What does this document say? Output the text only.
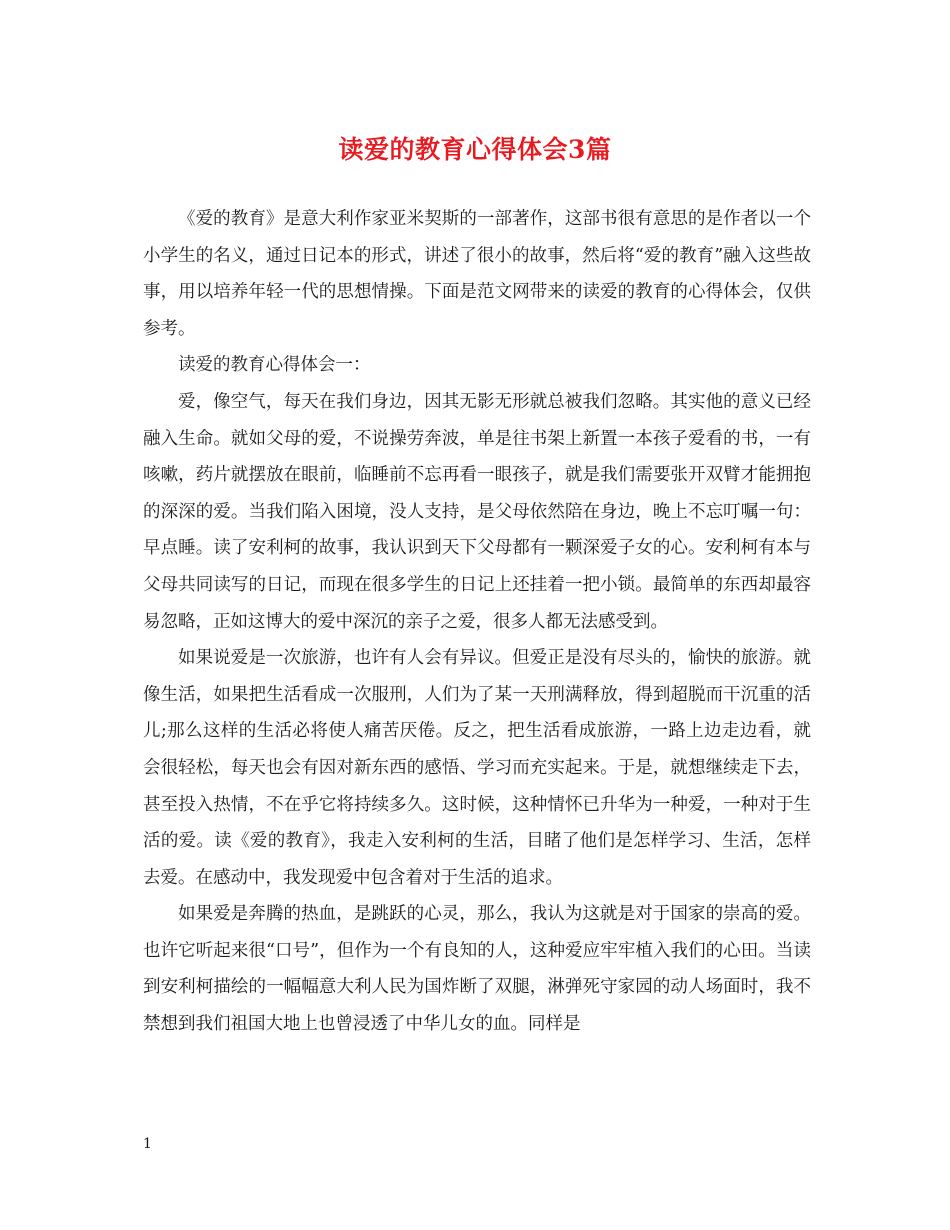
读爱的教育心得体会3篇

《爱的教育》是意大利作家亚米契斯的一部著作，这部书很有意思的是作者以一个小学生的名义，通过日记本的形式，讲述了很小的故事，然后将“爱的教育”融入这些故事，用以培养年轻一代的思想情操。下面是范文网带来的读爱的教育的心得体会，仅供参考。

读爱的教育心得体会一：

爱，像空气，每天在我们身边，因其无影无形就总被我们忽略。其实他的意义已经融入生命。就如父母的爱，不说操劳奔波，单是往书架上新置一本孩子爱看的书，一有咳嗽，药片就摆放在眼前，临睡前不忘再看一眼孩子，就是我们需要张开双臂才能拥抱的深深的爱。当我们陷入困境，没人支持，是父母依然陪在身边，晚上不忘叮嘱一句：早点睡。读了安利柯的故事，我认识到天下父母都有一颗深爱子女的心。安利柯有本与父母共同读写的日记，而现在很多学生的日记上还挂着一把小锁。最简单的东西却最容易忽略，正如这博大的爱中深沉的亲子之爱，很多人都无法感受到。

如果说爱是一次旅游，也许有人会有异议。但爱正是没有尽头的，愉快的旅游。就像生活，如果把生活看成一次服刑，人们为了某一天刑满释放，得到超脱而干沉重的活儿;那么这样的生活必将使人痛苦厌倦。反之，把生活看成旅游，一路上边走边看，就会很轻松，每天也会有因对新东西的感悟、学习而充实起来。于是，就想继续走下去，甚至投入热情，不在乎它将持续多久。这时候，这种情怀已升华为一种爱，一种对于生活的爱。读《爱的教育》，我走入安利柯的生活，目睹了他们是怎样学习、生活，怎样去爱。在感动中，我发现爱中包含着对于生活的追求。

如果爱是奔腾的热血，是跳跃的心灵，那么，我认为这就是对于国家的崇高的爱。也许它听起来很“口号”，但作为一个有良知的人，这种爱应牢牢植入我们的心田。当读到安利柯描绘的一幅幅意大利人民为国炸断了双腿，淋弹死守家园的动人场面时，我不禁想到我们祖国大地上也曾浸透了中华儿女的血。同样是

1
